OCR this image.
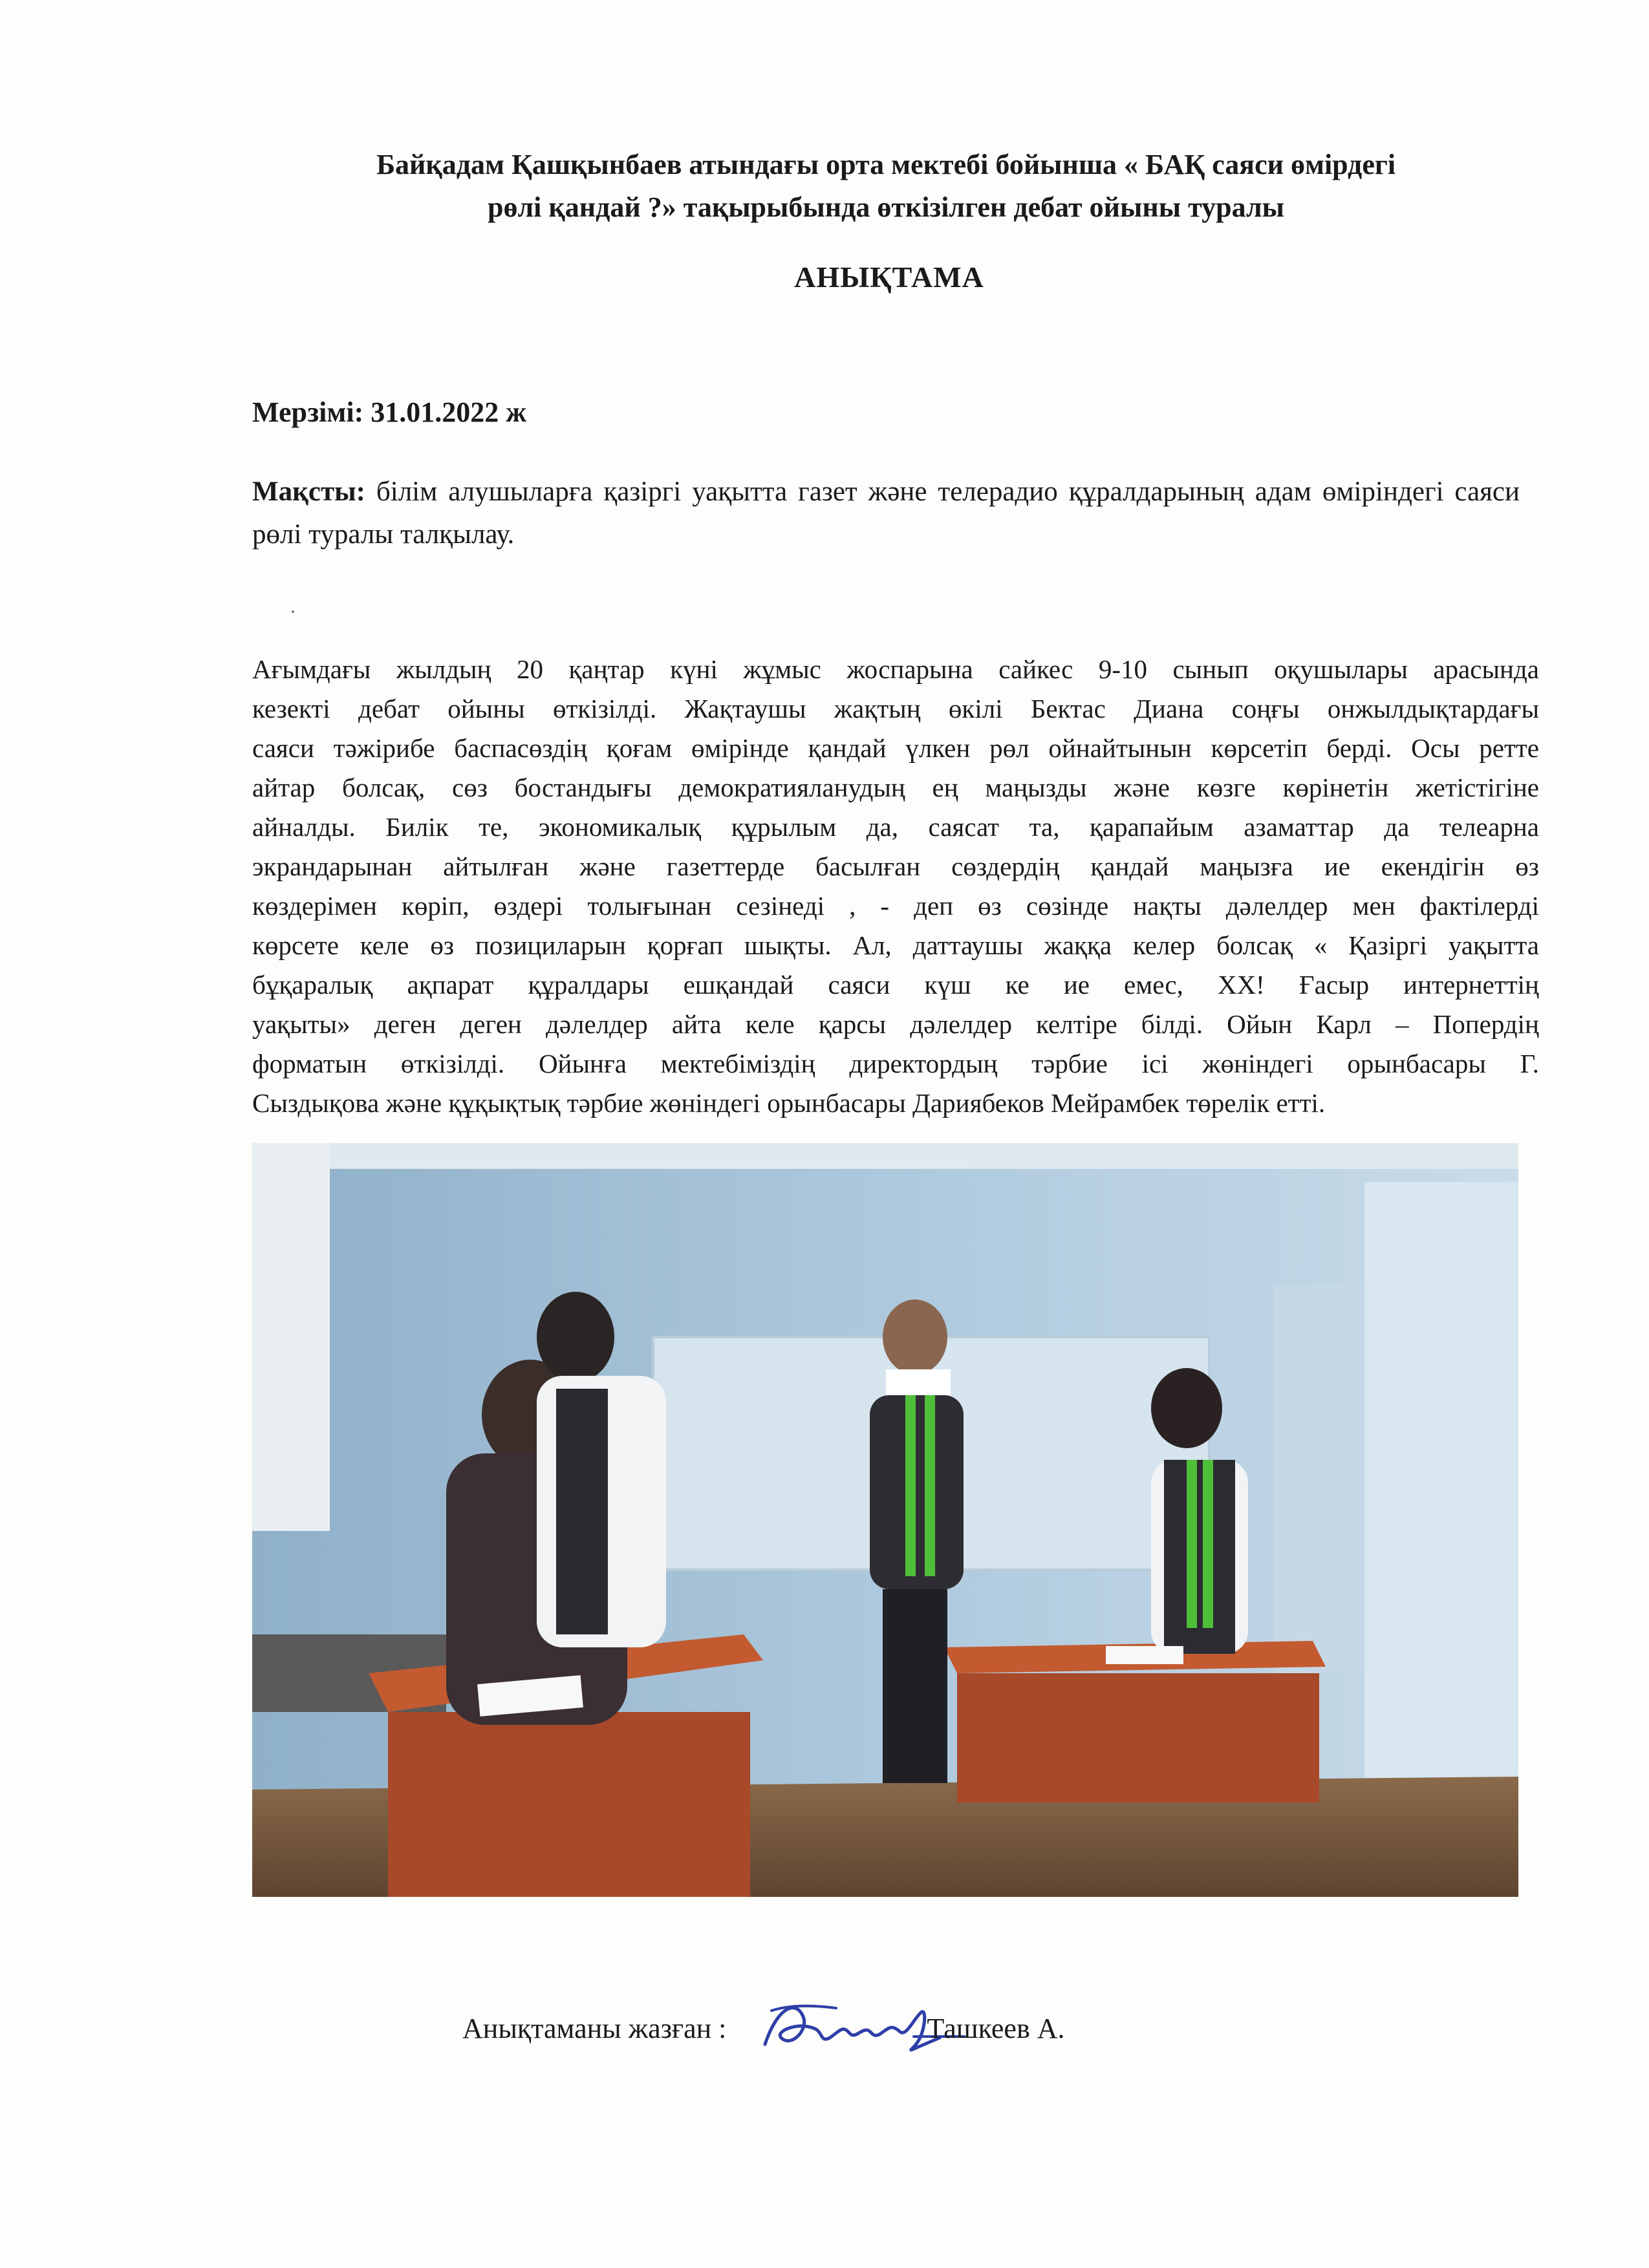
Байқадам Қашқынбаев атындағы орта мектебі бойынша « БАҚ саяси өмірдегі
рөлі қандай ?» тақырыбында өткізілген дебат ойыны туралы
АНЫҚТАМА
Мерзімі: 31.01.2022 ж
Мақсты: білім алушыларға қазіргі уақытта газет және телерадио құралдарының адам өміріндегі саяси рөлі туралы талқылау.
·
Ағымдағы жылдың 20 қаңтар күні жұмыс жоспарына сайкес 9-10 сынып оқушылары арасында
кезекті дебат ойыны өткізілді. Жақтаушы жақтың өкілі Бектас Диана соңғы онжылдықтардағы
саяси тәжірибе баспасөздің қоғам өмірінде қандай үлкен рөл ойнайтынын көрсетіп берді. Осы ретте
айтар болсақ, сөз бостандығы демократияланудың ең маңызды және көзге көрінетін жетістігіне
айналды. Билік те, экономикалық құрылым да, саясат та, қарапайым азаматтар да телеарна
экрандарынан айтылған және газеттерде басылған сөздердің қандай маңызға ие екендігін өз
көздерімен көріп, өздері толығынан сезінеді , - деп өз сөзінде нақты дәлелдер мен фактілерді
көрсете келе өз позициларын қорғап шықты. Ал, даттаушы жаққа келер болсақ « Қазіргі уақытта
бұқаралық ақпарат құралдары ешқандай саяси күш ке ие емес, ХХ! Ғасыр интернеттің
уақыты» деген деген дәлелдер айта келе қарсы дәлелдер келтіре білді. Ойын Карл – Попердің
форматын өткізілді. Ойынға мектебіміздің директордың тәрбие ісі жөніндегі орынбасары Г.
Сыздықова және құқықтық тәрбие жөніндегі орынбасары Дариябеков Мейрамбек төрелік етті.
Анықтаманы жазған :	Ташкеев А.
